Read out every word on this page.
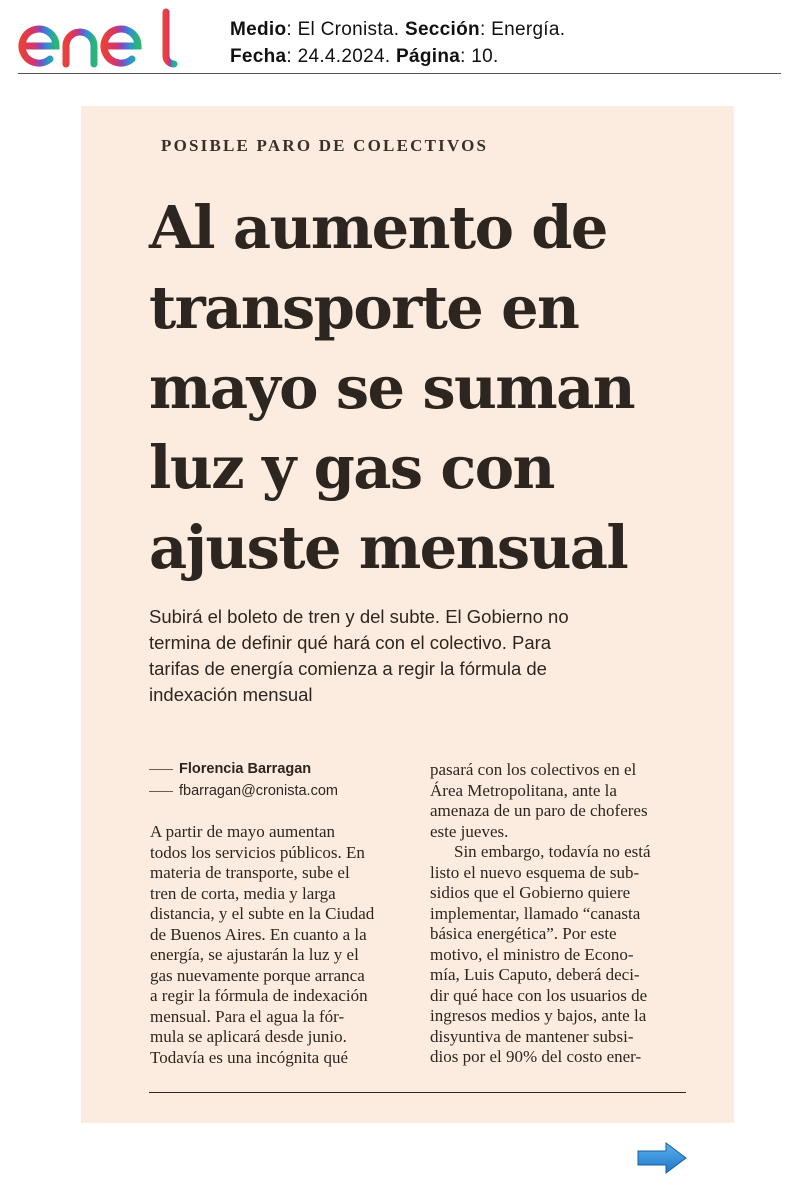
Medio: El Cronista. Sección: Energía.
Fecha: 24.4.2024. Página: 10.
POSIBLE PARO DE COLECTIVOS
Al aumento de
transporte en
mayo se suman
luz y gas con
ajuste mensual
Subirá el boleto de tren y del subte. El Gobierno no
termina de definir qué hará con el colectivo. Para
tarifas de energía comienza a regir la fórmula de
indexación mensual
Florencia Barragan
fbarragan@cronista.com
A partir de mayo aumentan
todos los servicios públicos. En
materia de transporte, sube el
tren de corta, media y larga
distancia, y el subte en la Ciudad
de Buenos Aires. En cuanto a la
energía, se ajustarán la luz y el
gas nuevamente porque arranca
a regir la fórmula de indexación
mensual. Para el agua la fór-
mula se aplicará desde junio.
Todavía es una incógnita qué
pasará con los colectivos en el
Área Metropolitana, ante la
amenaza de un paro de choferes
este jueves.
Sin embargo, todavía no está
listo el nuevo esquema de sub-
sidios que el Gobierno quiere
implementar, llamado “canasta
básica energética”. Por este
motivo, el ministro de Econo-
mía, Luis Caputo, deberá deci-
dir qué hace con los usuarios de
ingresos medios y bajos, ante la
disyuntiva de mantener subsi-
dios por el 90% del costo ener-
